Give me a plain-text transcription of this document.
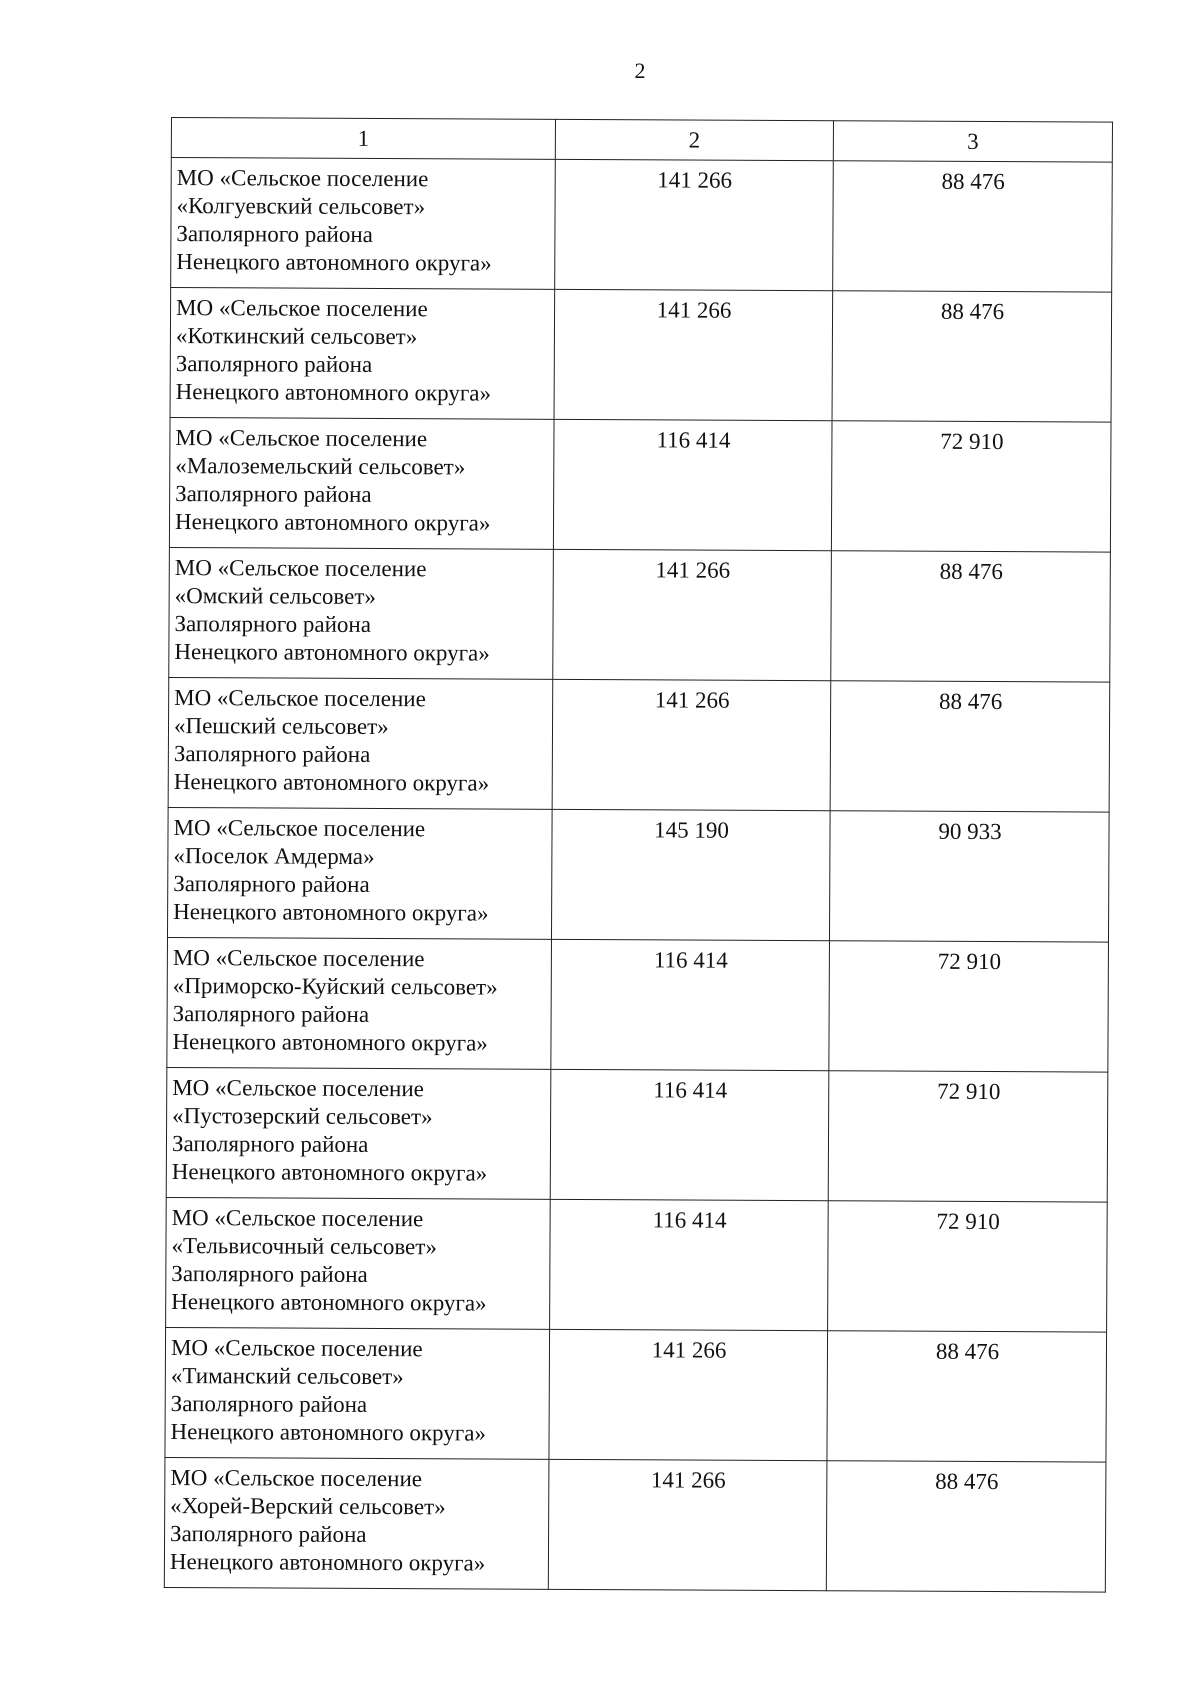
2
1	2	3

МО «Сельское поселение
«Колгуевский сельсовет»
Заполярного района
Ненецкого автономного округа»	141 266	88 476

МО «Сельское поселение
«Коткинский сельсовет»
Заполярного района
Ненецкого автономного округа»	141 266	88 476

МО «Сельское поселение
«Малоземельский сельсовет»
Заполярного района
Ненецкого автономного округа»	116 414	72 910

МО «Сельское поселение
«Омский сельсовет»
Заполярного района
Ненецкого автономного округа»	141 266	88 476

МО «Сельское поселение
«Пешский сельсовет»
Заполярного района
Ненецкого автономного округа»	141 266	88 476

МО «Сельское поселение
«Поселок Амдерма»
Заполярного района
Ненецкого автономного округа»	145 190	90 933

МО «Сельское поселение
«Приморско-Куйский сельсовет»
Заполярного района
Ненецкого автономного округа»	116 414	72 910

МО «Сельское поселение
«Пустозерский сельсовет»
Заполярного района
Ненецкого автономного округа»	116 414	72 910

МО «Сельское поселение
«Тельвисочный сельсовет»
Заполярного района
Ненецкого автономного округа»	116 414	72 910

МО «Сельское поселение
«Тиманский сельсовет»
Заполярного района
Ненецкого автономного округа»	141 266	88 476

МО «Сельское поселение
«Хорей-Верский сельсовет»
Заполярного района
Ненецкого автономного округа»	141 266	88 476
